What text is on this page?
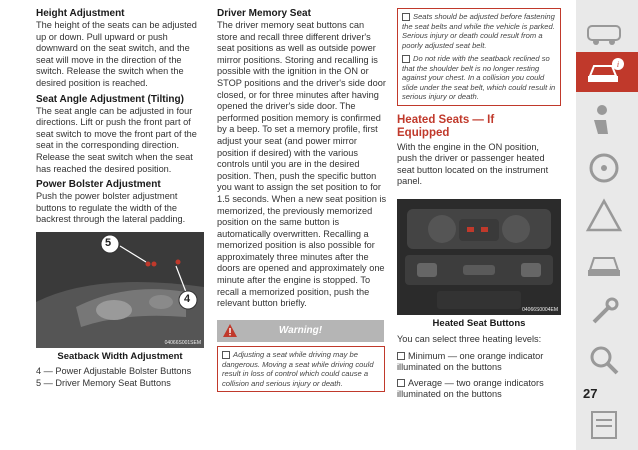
Height Adjustment
The height of the seats can be adjusted up or down. Pull upward or push downward on the seat switch, and the seat will move in the direction of the switch. Release the switch when the desired position is reached.
Seat Angle Adjustment (Tilting)
The seat angle can be adjusted in four directions. Lift or push the front part of seat switch to move the front part of the seat in the corresponding direction. Release the seat switch when the seat has reached the desired position.
Power Bolster Adjustment
Push the power bolster adjustment buttons to regulate the width of the backrest through the lateral padding.
5
4
04066S001SEM
Seatback Width Adjustment
4 — Power Adjustable Bolster Buttons
5 — Driver Memory Seat Buttons
Driver Memory Seat
The driver memory seat buttons can store and recall three different driver's seat positions as well as outside power mirror positions. Storing and recalling is possible with the ignition in the ON or STOP positions and the driver's side door closed, or for three minutes after having opened the driver's side door. The performed position memory is confirmed by a beep. To set a memory profile, first adjust your seat (and power mirror position if desired) with the various controls until you are in the desired position. Then, push the specific button you want to assign the set position to for 1.5 seconds. When a new seat position is memorized, the previously memorized position on the same button is automatically overwritten. Recalling a memorized position is also possible for approximately three minutes after the doors are opened and approximately one minute after the engine is stopped. To recall a memorized position, push the relevant button briefly.
Warning!
Adjusting a seat while driving may be dangerous. Moving a seat while driving could result in loss of control which could cause a collision and serious injury or death.
Seats should be adjusted before fastening the seat belts and while the vehicle is parked. Serious injury or death could result from a poorly adjusted seat belt.
Do not ride with the seatback reclined so that the shoulder belt is no longer resting against your chest. In a collision you could slide under the seat belt, which could result in serious injury or death.
Heated Seats — If Equipped
With the engine in the ON position, push the driver or passenger heated seat button located on the instrument panel.
04066S0004EM
Heated Seat Buttons
You can select three heating levels:
Minimum — one orange indicator illuminated on the buttons
Average — two orange indicators illuminated on the buttons
i
27
